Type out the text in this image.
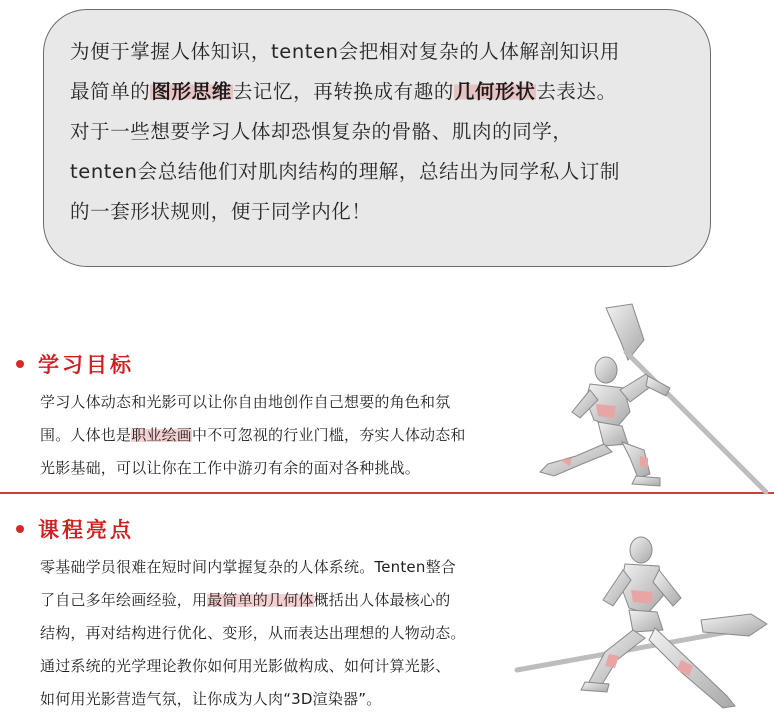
为便于掌握人体知识，tenten会把相对复杂的人体解剖知识用
最简单的图形思维去记忆，再转换成有趣的几何形状去表达。
对于一些想要学习人体却恐惧复杂的骨骼、肌肉的同学，
tenten会总结他们对肌肉结构的理解，总结出为同学私人订制
的一套形状规则，便于同学内化！
学习目标
学习人体动态和光影可以让你自由地创作自己想要的角色和氛
围。人体也是职业绘画中不可忽视的行业门槛，夯实人体动态和
光影基础，可以让你在工作中游刃有余的面对各种挑战。
课程亮点
零基础学员很难在短时间内掌握复杂的人体系统。Tenten整合
了自己多年绘画经验，用最简单的几何体概括出人体最核心的
结构，再对结构进行优化、变形，从而表达出理想的人物动态。
通过系统的光学理论教你如何用光影做构成、如何计算光影、
如何用光影营造气氛，让你成为人肉“3D渲染器”。
